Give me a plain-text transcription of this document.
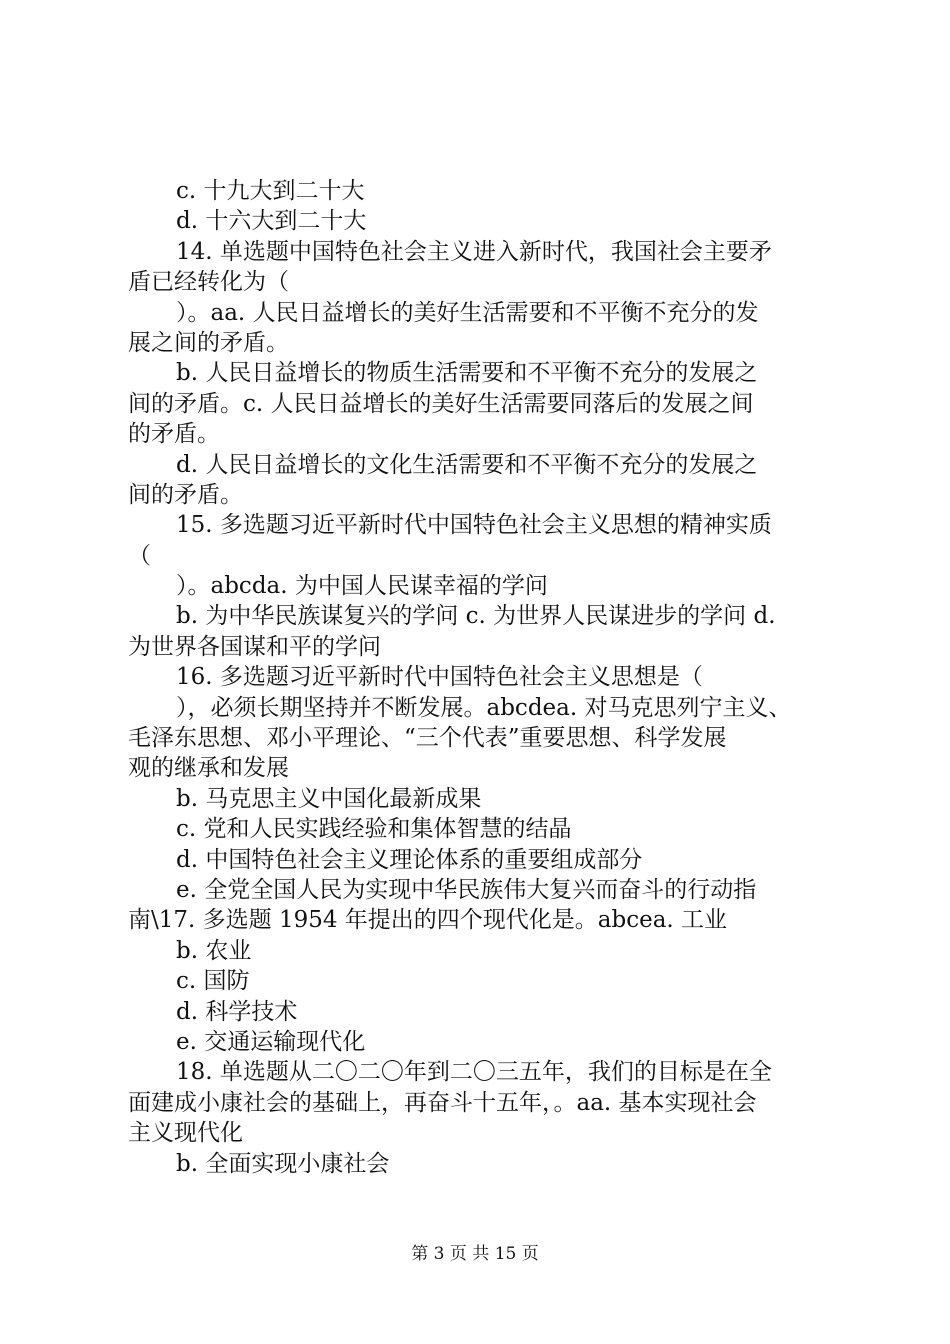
c. 十九大到二十大
d. 十六大到二十大
14. 单选题中国特色社会主义进入新时代，我国社会主要矛
盾已经转化为（
）。aa. 人民日益增长的美好生活需要和不平衡不充分的发
展之间的矛盾。
b. 人民日益增长的物质生活需要和不平衡不充分的发展之
间的矛盾。c. 人民日益增长的美好生活需要同落后的发展之间
的矛盾。
d. 人民日益增长的文化生活需要和不平衡不充分的发展之
间的矛盾。
15. 多选题习近平新时代中国特色社会主义思想的精神实质
（
）。abcda. 为中国人民谋幸福的学问
b. 为中华民族谋复兴的学问 c. 为世界人民谋进步的学问 d.
为世界各国谋和平的学问
16. 多选题习近平新时代中国特色社会主义思想是（
），必须长期坚持并不断发展。abcdea. 对马克思列宁主义、
毛泽东思想、邓小平理论、“三个代表”重要思想、科学发展
观的继承和发展
b. 马克思主义中国化最新成果
c. 党和人民实践经验和集体智慧的结晶
d. 中国特色社会主义理论体系的重要组成部分
e. 全党全国人民为实现中华民族伟大复兴而奋斗的行动指
南\17. 多选题 1954 年提出的四个现代化是。abcea. 工业
b. 农业
c. 国防
d. 科学技术
e. 交通运输现代化
18. 单选题从二〇二〇年到二〇三五年，我们的目标是在全
面建成小康社会的基础上，再奋斗十五年，。aa. 基本实现社会
主义现代化
b. 全面实现小康社会
第 3 页 共 15 页
